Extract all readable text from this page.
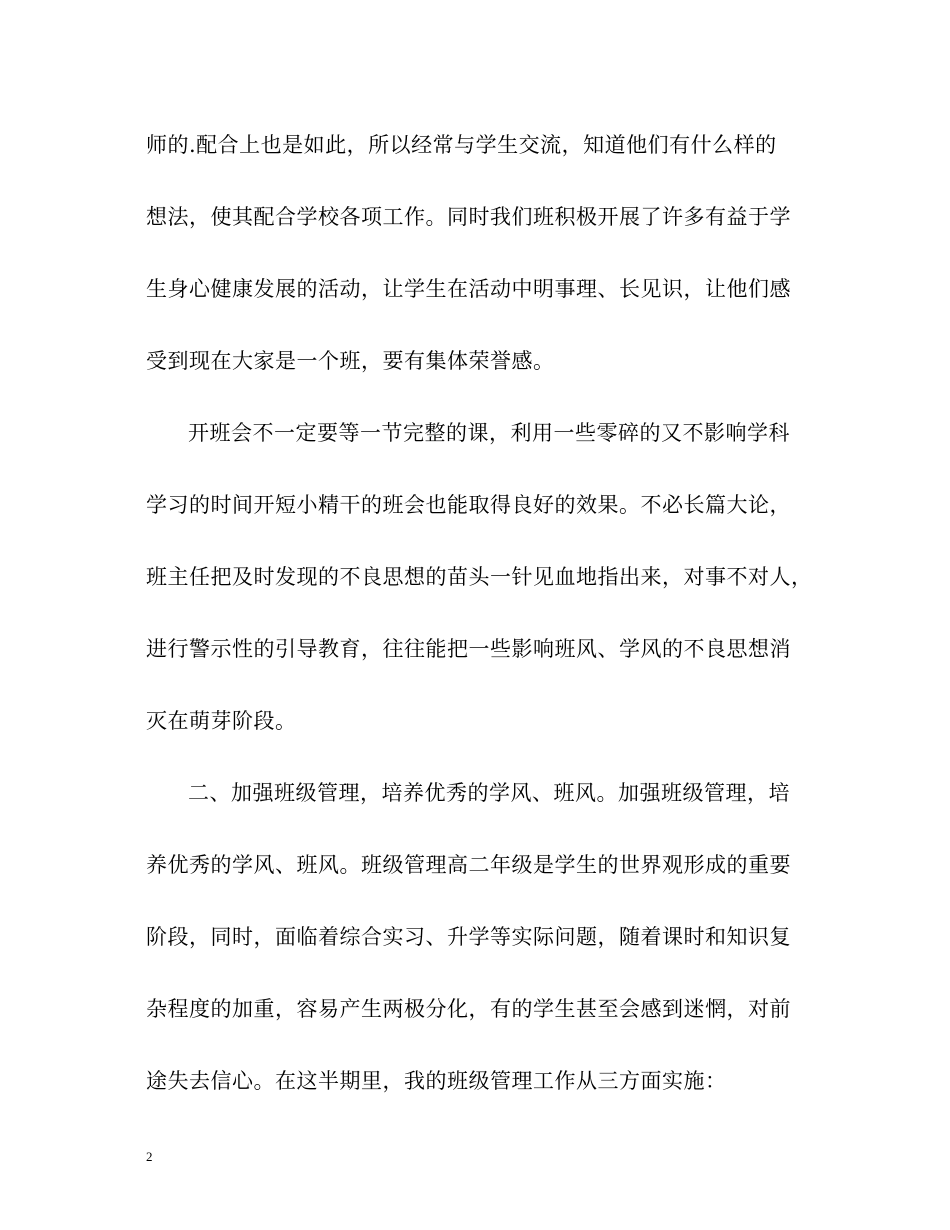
师的.配合上也是如此，所以经常与学生交流，知道他们有什么样的
想法，使其配合学校各项工作。同时我们班积极开展了许多有益于学
生身心健康发展的活动，让学生在活动中明事理、长见识，让他们感
受到现在大家是一个班，要有集体荣誉感。
开班会不一定要等一节完整的课，利用一些零碎的又不影响学科
学习的时间开短小精干的班会也能取得良好的效果。不必长篇大论，
班主任把及时发现的不良思想的苗头一针见血地指出来，对事不对人，
进行警示性的引导教育，往往能把一些影响班风、学风的不良思想消
灭在萌芽阶段。
二、加强班级管理，培养优秀的学风、班风。加强班级管理，培
养优秀的学风、班风。班级管理高二年级是学生的世界观形成的重要
阶段，同时，面临着综合实习、升学等实际问题，随着课时和知识复
杂程度的加重，容易产生两极分化，有的学生甚至会感到迷惘，对前
途失去信心。在这半期里，我的班级管理工作从三方面实施：
2
